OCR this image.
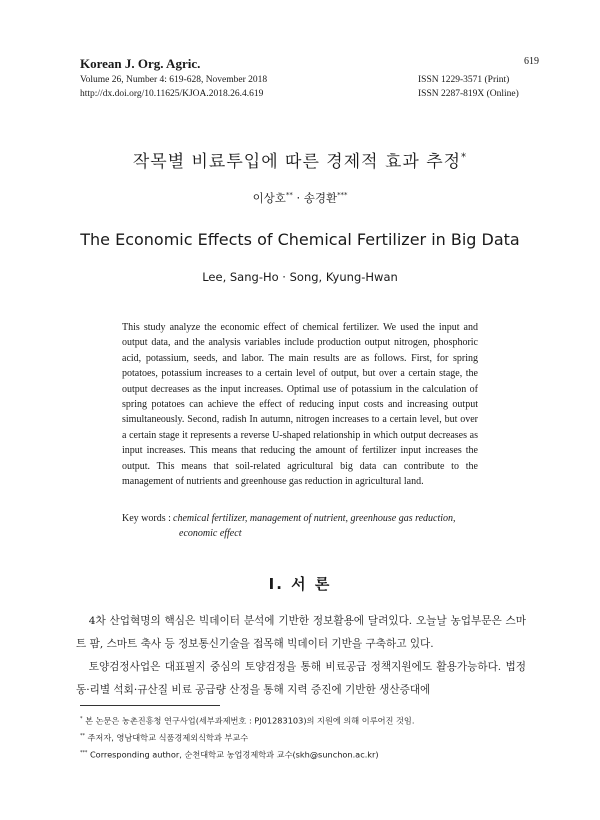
Korean J. Org. Agric.
Volume 26, Number 4: 619-628, November 2018
http://dx.doi.org/10.11625/KJOA.2018.26.4.619
619
ISSN 1229-3571 (Print)
ISSN 2287-819X (Online)
작목별 비료투입에 따른 경제적 효과 추정*
이상호** · 송경환***
The Economic Effects of Chemical Fertilizer in Big Data
Lee, Sang-Ho · Song, Kyung-Hwan
This study analyze the economic effect of chemical fertilizer. We used the input and output data, and the analysis variables include production output nitrogen, phosphoric acid, potassium, seeds, and labor. The main results are as follows. First, for spring potatoes, potassium increases to a certain level of output, but over a certain stage, the output decreases as the input increases. Optimal use of potassium in the calculation of spring potatoes can achieve the effect of reducing input costs and increasing output simultaneously. Second, radish In autumn, nitrogen increases to a certain level, but over a certain stage it represents a reverse U-shaped relationship in which output decreases as input increases. This means that reducing the amount of fertilizer input increases the output. This means that soil-related agricultural big data can contribute to the management of nutrients and greenhouse gas reduction in agricultural land.
Key words : chemical fertilizer, management of nutrient, greenhouse gas reduction,
economic effect
Ⅰ. 서 론

4차 산업혁명의 핵심은 빅데이터 분석에 기반한 정보활용에 달려있다. 오늘날 농업부문은 스마트 팜, 스마트 축사 등 정보통신기술을 접목해 빅데이터 기반을 구축하고 있다.

토양검정사업은 대표필지 중심의 토양검정을 통해 비료공급 정책지원에도 활용가능하다. 법정 동·리별 석회·규산질 비료 공급량 산정을 통해 지력 증진에 기반한 생산증대에

* 본 논문은 농촌진흥청 연구사업(세부과제번호 : PJ01283103)의 지원에 의해 이루어진 것임.
** 주저자, 영남대학교 식품경제외식학과 부교수
*** Corresponding author, 순천대학교 농업경제학과 교수(skh@sunchon.ac.kr)
